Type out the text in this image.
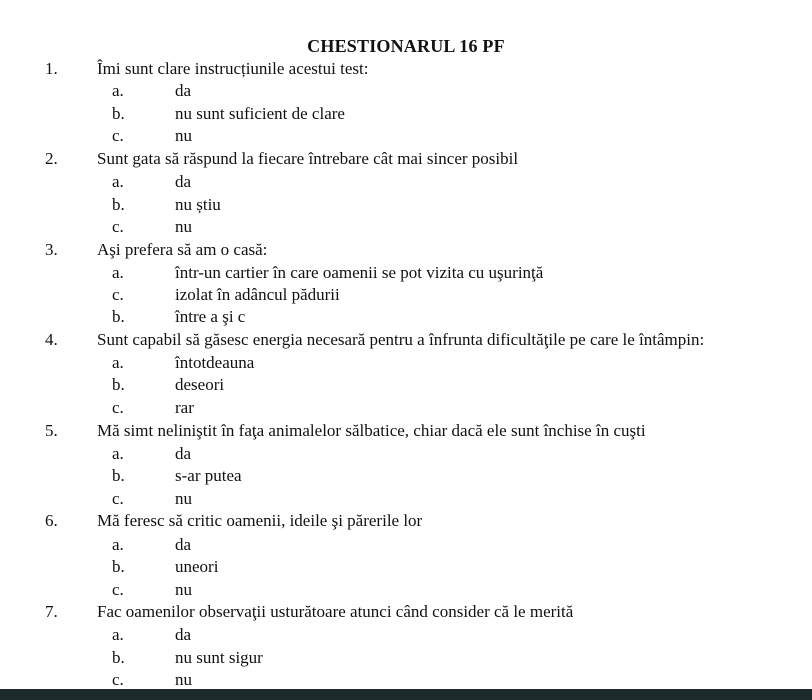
CHESTIONARUL 16 PF
1. Îmi sunt clare instrucțiunile acestui test:
a.	da
b.	nu sunt suficient de clare
c.	nu
2. Sunt gata să răspund la fiecare întrebare cât mai sincer posibil
a.	da
b.	nu știu
c.	nu
3. Aşi prefera să am o casă:
a.	într-un cartier în care oamenii se pot vizita cu uşurinţă
c.	izolat în adâncul pădurii
b.	între a şi c
4. Sunt capabil să găsesc energia necesară pentru a înfrunta dificultăţile pe care le întâmpin:
a.	întotdeauna
b.	deseori
c.	rar
5. Mă simt neliniştit în faţa animalelor sălbatice, chiar dacă ele sunt închise în cuşti
a.	da
b.	s-ar putea
c.	nu
6. Mă feresc să critic oamenii, ideile şi părerile lor
a.	da
b.	uneori
c.	nu
7. Fac oamenilor observaţii usturătoare atunci când consider că le merită
a.	da
b.	nu sunt sigur
c.	nu
